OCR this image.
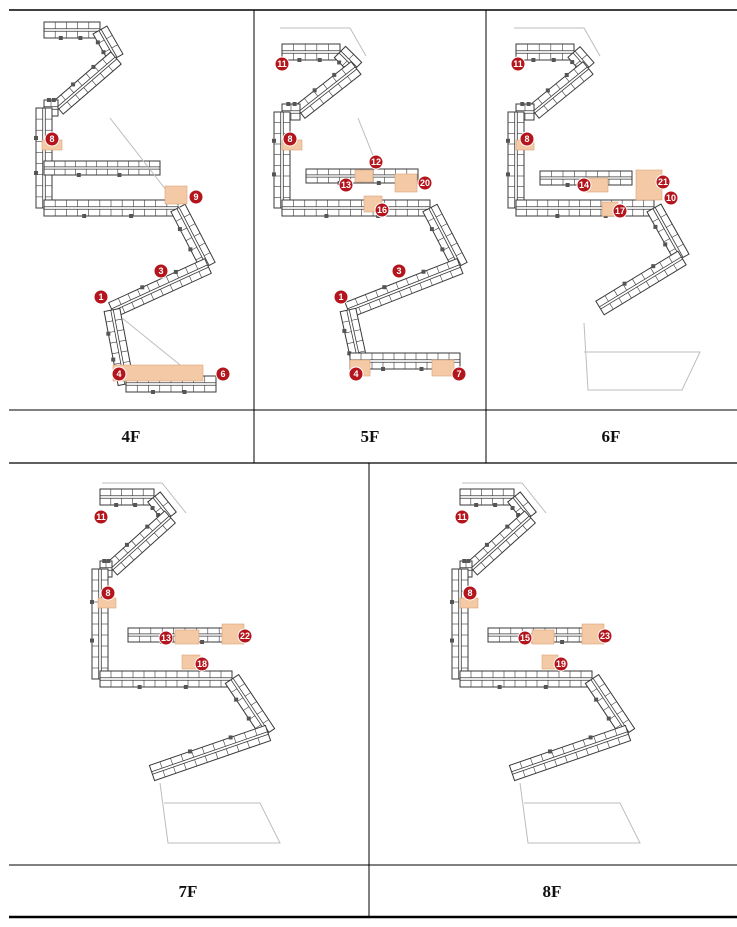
4F	5F	6F
7F	8F
8
9
3
1
4	6
11
8
12
13	20
16
3
1
4	7
11
8
14	21
10
17
11
8
13	22
18
11
8
15	23
19
